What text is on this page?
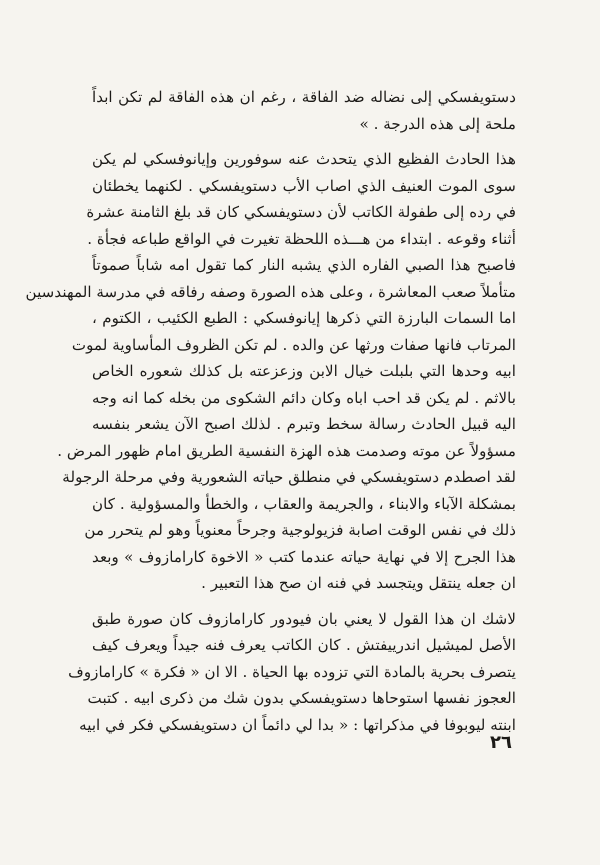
دستويفسكي إلى نضاله ضد الفاقة ، رغم ان هذه الفاقة لم تكن ابداً
ملحة إلى هذه الدرجة . »
هذا الحادث الفظيع الذي يتحدث عنه سوفورين وإيانوفسكي لم يكن
سوى الموت العنيف الذي اصاب الأب دستويفسكي . لكنهما يخطئان
في رده إلى طفولة الكاتب لأن دستويفسكي كان قد بلغ الثامنة عشرة
أثناء وقوعه . ابتداء من هـــذه اللحظة تغيرت في الواقع طباعه فجأة .
فاصبح هذا الصبي الفاره الذي يشبه النار كما تقول امه شاباً صموتاً
متأملاً صعب المعاشرة ، وعلى هذه الصورة وصفه رفاقه في مدرسة المهندسين
اما السمات البارزة التي ذكرها إيانوفسكي : الطبع الكئيب ، الكتوم ،
المرتاب فانها صفات ورثها عن والده . لم تكن الظروف المأساوية لموت
ابيه وحدها التي بلبلت خيال الابن وزعزعته بل كذلك شعوره الخاص
بالاثم . لم يكن قد احب اباه وكان دائم الشكوى من بخله كما انه وجه
اليه قبيل الحادث رسالة سخط وتبرم . لذلك اصبح الآن يشعر بنفسه
مسؤولاً عن موته وصدمت هذه الهزة النفسية الطريق امام ظهور المرض .
لقد اصطدم دستويفسكي في منطلق حياته الشعورية وفي مرحلة الرجولة
بمشكلة الآباء والابناء ، والجريمة والعقاب ، والخطأ والمسؤولية . كان
ذلك في نفس الوقت اصابة فزيولوجية وجرحاً معنوياً وهو لم يتحرر من
هذا الجرح إلا في نهاية حياته عندما كتب « الاخوة كارامازوف » وبعد
ان جعله ينتقل ويتجسد في فنه ان صح هذا التعبير .
لاشك ان هذا القول لا يعني بان فيودور كارامازوف كان صورة طبق
الأصل لميشيل اندرييفتش . كان الكاتب يعرف فنه جيداً ويعرف كيف
يتصرف بحرية بالمادة التي تزوده بها الحياة . الا ان « فكرة » كارامازوف
العجوز نفسها استوحاها دستويفسكي بدون شك من ذكرى ابيه . كتبت
ابنته ليوبوفا في مذكراتها : « بدا لي دائماً ان دستويفسكي فكر في ابيه
٢٦
